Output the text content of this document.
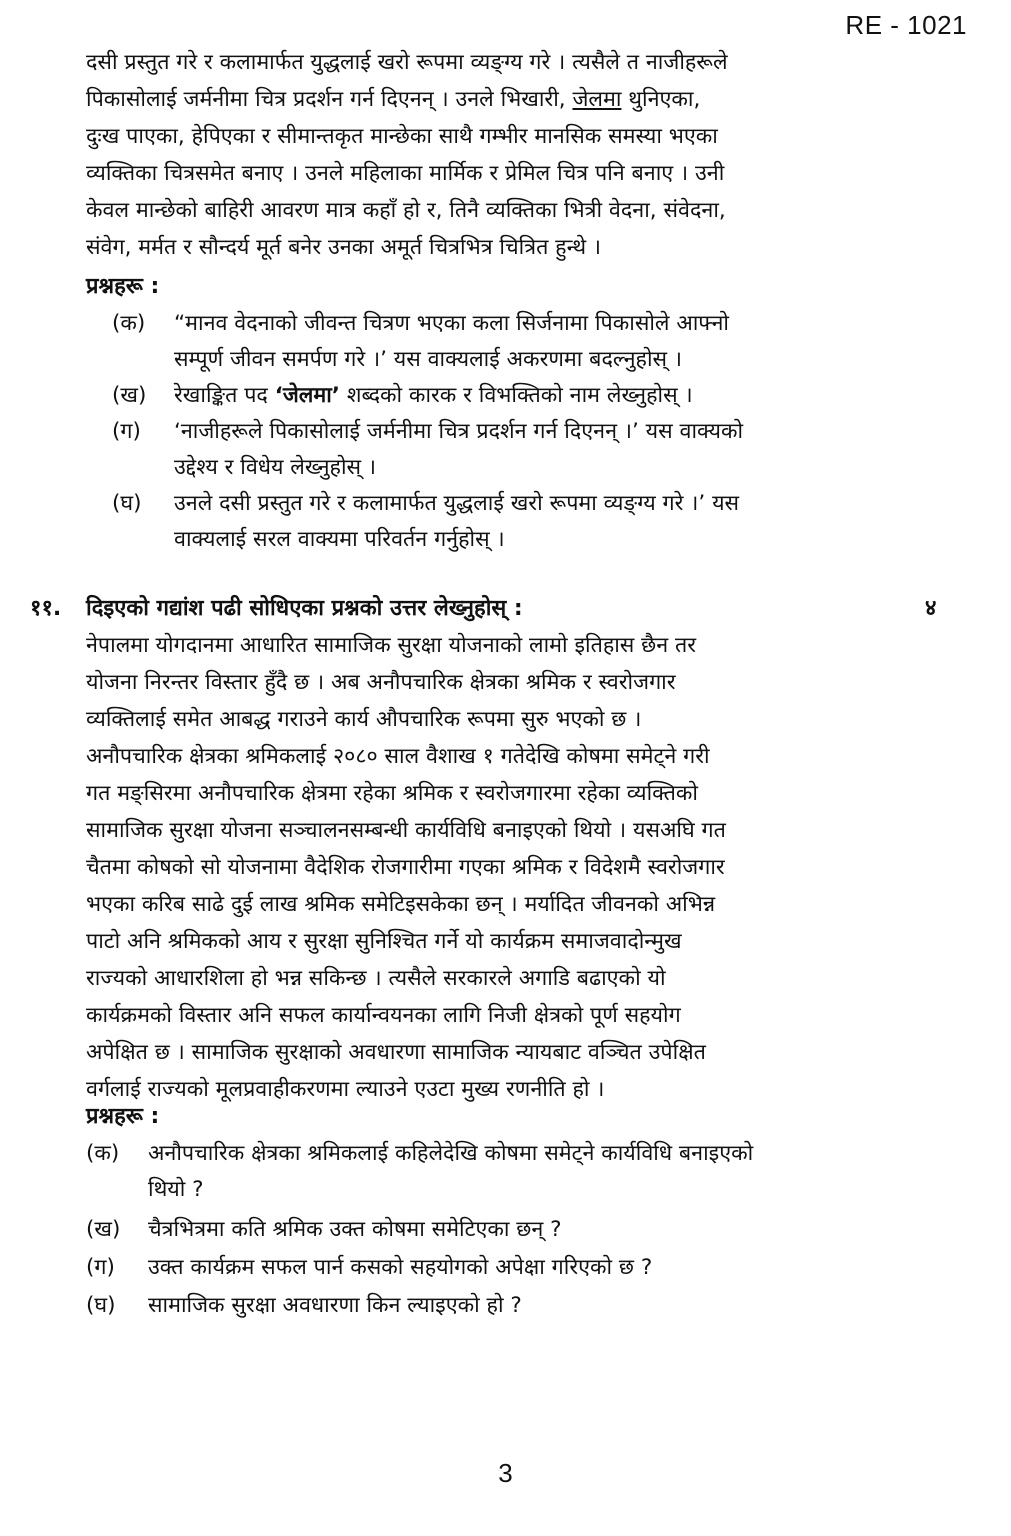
RE - 1021
दसी प्रस्तुत गरे र कलामार्फत युद्धलाई खरो रूपमा व्यङ्ग्य गरे । त्यसैले त नाजीहरूले
पिकासोलाई जर्मनीमा चित्र प्रदर्शन गर्न दिएनन् । उनले भिखारी, जेलमा थुनिएका,
दुःख पाएका, हेपिएका र सीमान्तकृत मान्छेका साथै गम्भीर मानसिक समस्या भएका
व्यक्तिका चित्रसमेत बनाए । उनले महिलाका मार्मिक र प्रेमिल चित्र पनि बनाए । उनी
केवल मान्छेको बाहिरी आवरण मात्र कहाँ हो र, तिनै व्यक्तिका भित्री वेदना, संवेदना,
संवेग, मर्मत र सौन्दर्य मूर्त बनेर उनका अमूर्त चित्रभित्र चित्रित हुन्थे ।
प्रश्नहरू :
(क)	“मानव वेदनाको जीवन्त चित्रण भएका कला सिर्जनामा पिकासोले आफ्नो
सम्पूर्ण जीवन समर्पण गरे ।’ यस वाक्यलाई अकरणमा बदल्नुहोस् ।
(ख)	रेखाङ्कित पद ‘जेलमा’ शब्दको कारक र विभक्तिको नाम लेख्नुहोस् ।
(ग)	‘नाजीहरूले पिकासोलाई जर्मनीमा चित्र प्रदर्शन गर्न दिएनन् ।’ यस वाक्यको
उद्देश्य र विधेय लेख्नुहोस् ।
(घ)	उनले दसी प्रस्तुत गरे र कलामार्फत युद्धलाई खरो रूपमा व्यङ्ग्य गरे ।’ यस
वाक्यलाई सरल वाक्यमा परिवर्तन गर्नुहोस् ।
११. दिइएको गद्यांश पढी सोधिएका प्रश्नको उत्तर लेख्नुहोस् :	४
नेपालमा योगदानमा आधारित सामाजिक सुरक्षा योजनाको लामो इतिहास छैन तर
योजना निरन्तर विस्तार हुँदै छ । अब अनौपचारिक क्षेत्रका श्रमिक र स्वरोजगार
व्यक्तिलाई समेत आबद्ध गराउने कार्य औपचारिक रूपमा सुरु भएको छ ।
अनौपचारिक क्षेत्रका श्रमिकलाई २०८० साल वैशाख १ गतेदेखि कोषमा समेट्ने गरी
गत मङ्सिरमा अनौपचारिक क्षेत्रमा रहेका श्रमिक र स्वरोजगारमा रहेका व्यक्तिको
सामाजिक सुरक्षा योजना सञ्चालनसम्बन्धी कार्यविधि बनाइएको थियो । यसअघि गत
चैतमा कोषको सो योजनामा वैदेशिक रोजगारीमा गएका श्रमिक र विदेशमै स्वरोजगार
भएका करिब साढे दुई लाख श्रमिक समेटिइसकेका छन् । मर्यादित जीवनको अभिन्न
पाटो अनि श्रमिकको आय र सुरक्षा सुनिश्चित गर्ने यो कार्यक्रम समाजवादोन्मुख
राज्यको आधारशिला हो भन्न सकिन्छ । त्यसैले सरकारले अगाडि बढाएको यो
कार्यक्रमको विस्तार अनि सफल कार्यान्वयनका लागि निजी क्षेत्रको पूर्ण सहयोग
अपेक्षित छ । सामाजिक सुरक्षाको अवधारणा सामाजिक न्यायबाट वञ्चित उपेक्षित
वर्गलाई राज्यको मूलप्रवाहीकरणमा ल्याउने एउटा मुख्य रणनीति हो ।
प्रश्नहरू :
(क)	अनौपचारिक क्षेत्रका श्रमिकलाई कहिलेदेखि कोषमा समेट्ने कार्यविधि बनाइएको
थियो ?
(ख)	चैत्रभित्रमा कति श्रमिक उक्त कोषमा समेटिएका छन् ?
(ग)	उक्त कार्यक्रम सफल पार्न कसको सहयोगको अपेक्षा गरिएको छ ?
(घ)	सामाजिक सुरक्षा अवधारणा किन ल्याइएको हो ?
3
